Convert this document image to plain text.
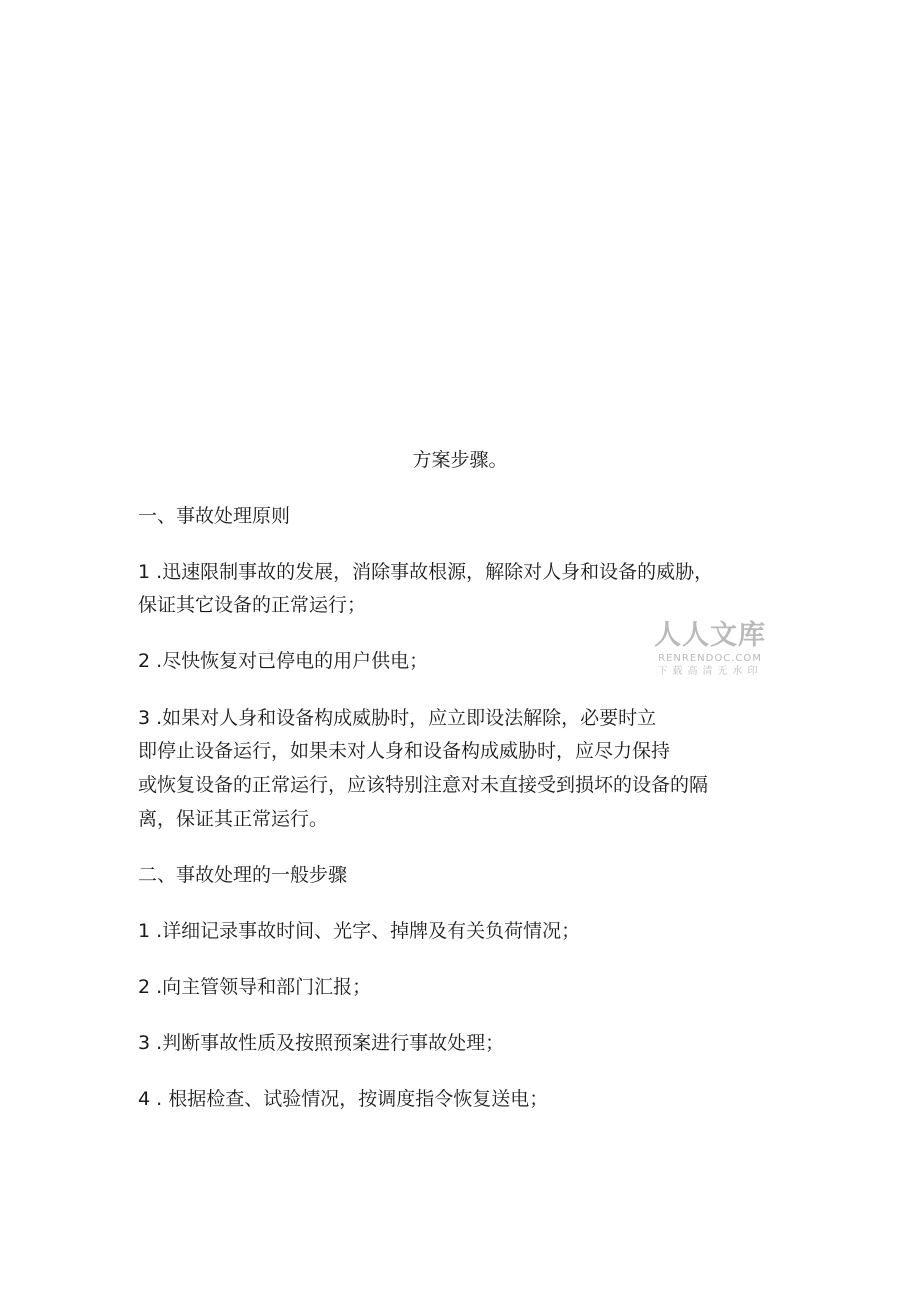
方案步骤。
一、事故处理原则
1 .迅速限制事故的发展，消除事故根源，解除对人身和设备的威胁，
保证其它设备的正常运行；
2 .尽快恢复对已停电的用户供电；
3 .如果对人身和设备构成威胁时，应立即设法解除，必要时立
即停止设备运行，如果未对人身和设备构成威胁时，应尽力保持
或恢复设备的正常运行，应该特别注意对未直接受到损坏的设备的隔
离，保证其正常运行。
二、事故处理的一般步骤
1 .详细记录事故时间、光字、掉牌及有关负荷情况；
2 .向主管领导和部门汇报；
3 .判断事故性质及按照预案进行事故处理；
4 . 根据检查、试验情况，按调度指令恢复送电；
人人文库
RENRENDOC.COM
下载高清无水印
